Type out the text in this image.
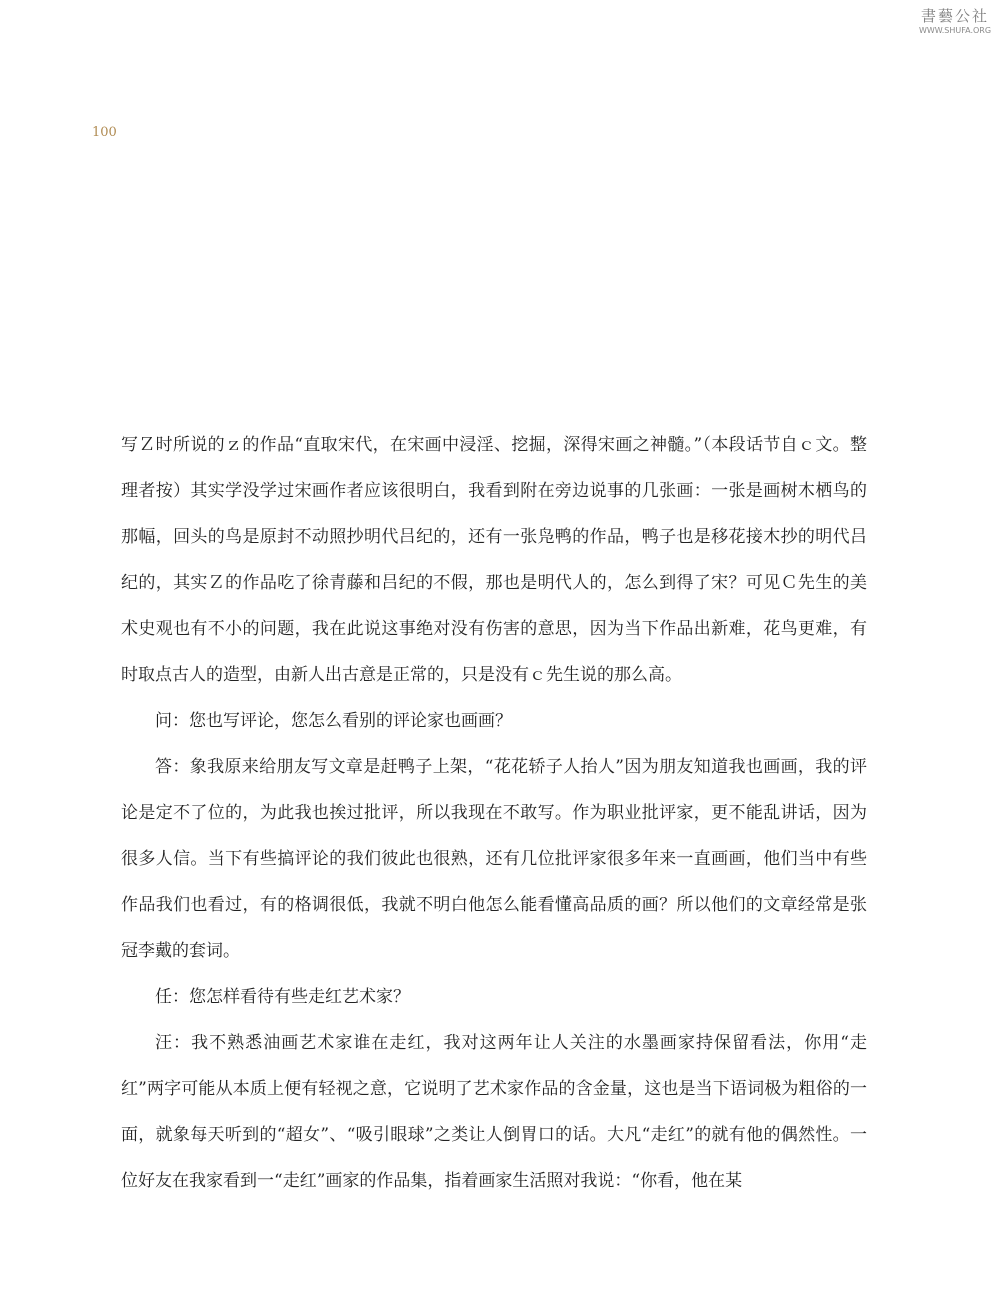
書藝公社
WWW.SHUFA.ORG
100

写Ｚ时所说的ｚ的作品“直取宋代，在宋画中浸淫、挖掘，深得宋画之神髓。”（本段话节自ｃ文。整理者按）其实学没学过宋画作者应该很明白，我看到附在旁边说事的几张画：一张是画树木栖鸟的那幅，回头的鸟是原封不动照抄明代吕纪的，还有一张凫鸭的作品，鸭子也是移花接木抄的明代吕纪的，其实Ｚ的作品吃了徐青藤和吕纪的不假，那也是明代人的，怎么到得了宋？可见Ｃ先生的美术史观也有不小的问题，我在此说这事绝对没有伤害的意思，因为当下作品出新难，花鸟更难，有时取点古人的造型，由新人出古意是正常的，只是没有ｃ先生说的那么高。

问：您也写评论，您怎么看别的评论家也画画？

答：象我原来给朋友写文章是赶鸭子上架，“花花轿子人抬人”因为朋友知道我也画画，我的评论是定不了位的，为此我也挨过批评，所以我现在不敢写。作为职业批评家，更不能乱讲话，因为很多人信。当下有些搞评论的我们彼此也很熟，还有几位批评家很多年来一直画画，他们当中有些作品我们也看过，有的格调很低，我就不明白他怎么能看懂高品质的画？所以他们的文章经常是张冠李戴的套词。

任：您怎样看待有些走红艺术家？

汪：我不熟悉油画艺术家谁在走红，我对这两年让人关注的水墨画家持保留看法，你用“走红”两字可能从本质上便有轻视之意，它说明了艺术家作品的含金量，这也是当下语词极为粗俗的一面，就象每天听到的“超女”、“吸引眼球”之类让人倒胃口的话。大凡“走红”的就有他的偶然性。一位好友在我家看到一“走红”画家的作品集，指着画家生活照对我说：“你看，他在某
